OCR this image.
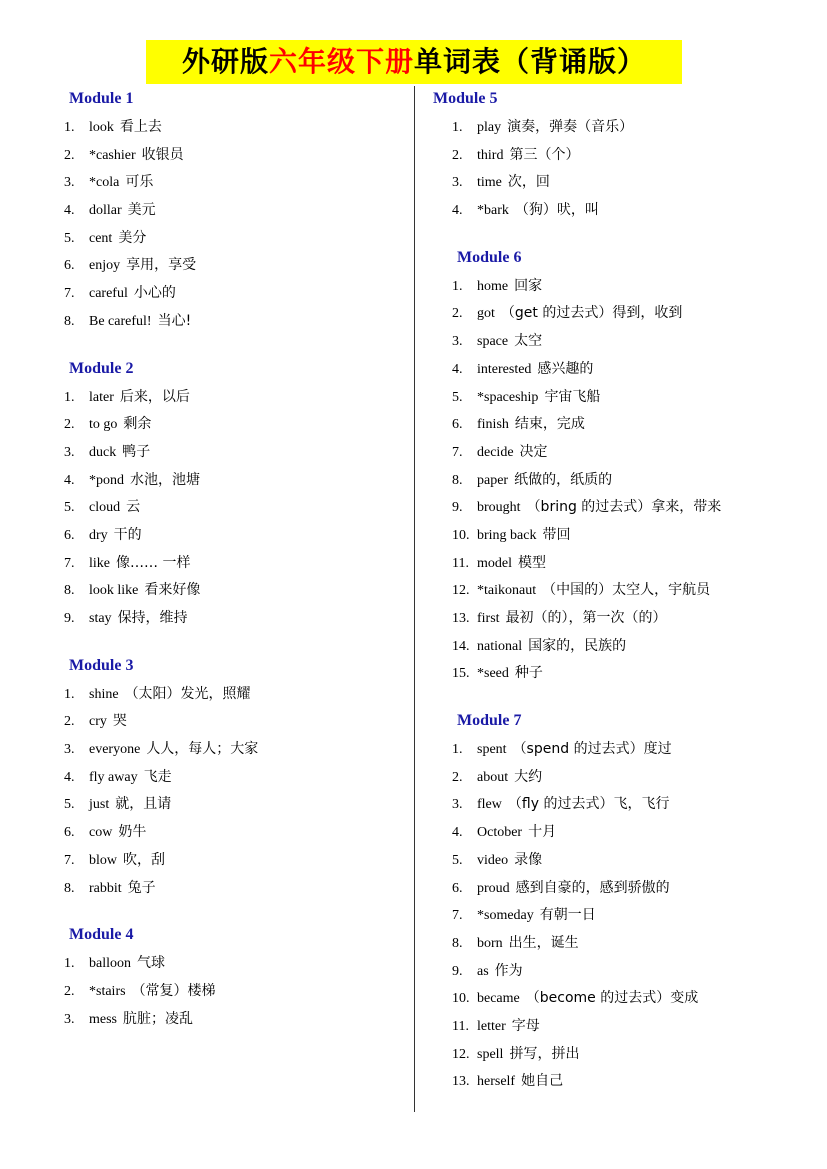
外研版六年级下册单词表（背诵版）
Module 1
1. look 看上去
2. *cashier 收银员
3. *cola 可乐
4. dollar 美元
5. cent 美分
6. enjoy 享用，享受
7. careful 小心的
8. Be careful! 当心!
Module 2
1. later 后来，以后
2. to go 剩余
3. duck 鸭子
4. *pond 水池，池塘
5. cloud 云
6. dry 干的
7. like 像…… 一样
8. look like 看来好像
9. stay 保持，维持
Module 3
1. shine （太阳）发光，照耀
2. cry 哭
3. everyone 人人，每人；大家
4. fly away 飞走
5. just 就，且请
6. cow 奶牛
7. blow 吹，刮
8. rabbit 兔子
Module 4
1. balloon 气球
2. *stairs （常复）楼梯
3. mess 肮脏；凌乱
Module 5
1. play 演奏，弹奏（音乐）
2. third 第三（个）
3. time 次，回
4. *bark （狗）吠，叫
Module 6
1. home 回家
2. got （get 的过去式）得到，收到
3. space 太空
4. interested 感兴趣的
5. *spaceship 宇宙飞船
6. finish 结束，完成
7. decide 决定
8. paper 纸做的，纸质的
9. brought （bring 的过去式）拿来，带来
10. bring back 带回
11. model 模型
12. *taikonaut （中国的）太空人，宇航员
13. first 最初（的），第一次（的）
14. national 国家的，民族的
15. *seed 种子
Module 7
1. spent （spend 的过去式）度过
2. about 大约
3. flew （fly 的过去式）飞，飞行
4. October 十月
5. video 录像
6. proud 感到自豪的，感到骄傲的
7. *someday 有朝一日
8. born 出生，诞生
9. as 作为
10. became （become 的过去式）变成
11. letter 字母
12. spell 拼写，拼出
13. herself 她自己
